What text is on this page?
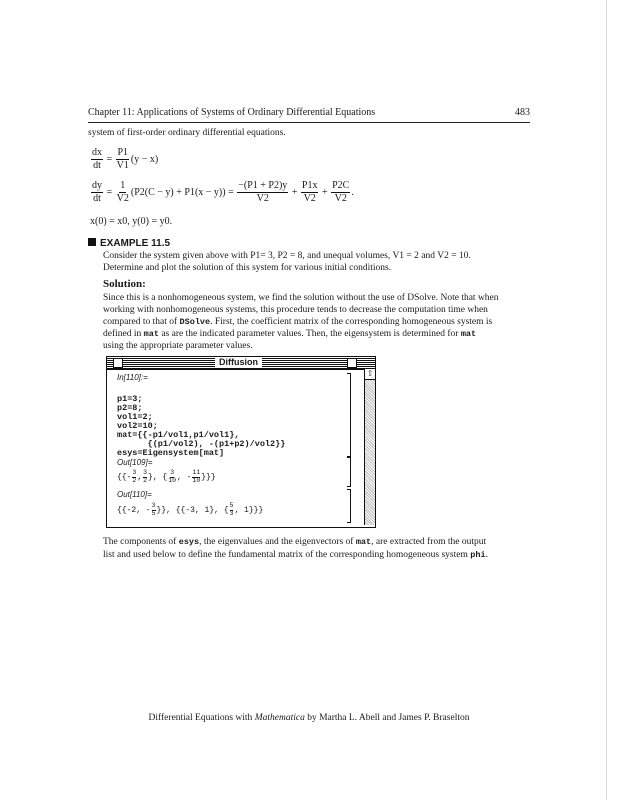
Chapter 11: Applications of Systems of Ordinary Differential Equations	483
system of first-order ordinary differential equations.
$\frac{dx}{dt} = \frac{P1}{V1} (y - x)$
$\frac{dy}{dt} = \frac{1}{V2} (P2(C - y) + P1(x - y))$ =
$\frac{-(P1 + P2)y}{V2} + \frac{P1x}{V2} + \frac{P2C}{V2}$ .
x(0) = x0, y(0) = y0.
EXAMPLE 11.5
Consider the system given above with P1= 3, P2 = 8, and unequal volumes, V1 = 2 and V2 = 10.
Determine and plot the solution of this system for various initial conditions.
Solution:
Since this is a nonhomogeneous system, we find the solution without the use of DSolve. Note that when
working with nonhomogeneous systems, this procedure tends to decrease the computation time when
compared to that of DSolve. First, the coefficient matrix of the corresponding homogeneous system is
defined in mat as are the indicated parameter values. Then, the eigensystem is determined for mat
using the appropriate parameter values.
Diffusion
In[110]:=
p1=3;
p2=8;
vol1=2;
vol2=10;
mat={{-p1/vol1,p1/vol1},
{(p1/vol2), -(p1+p2)/vol2}}
esys=Eigensystem[mat]
Out[109]=
{{- $\frac{3}{2}$ , $\frac{3}{2}$ }, { $\frac{3}{10}$ , - $\frac{11}{10}$ }}}
Out[110]=
{{-2, - $\frac{3}{5}$ }}, {{-3, 1}, { $\frac{5}{3}$ , 1}}}
⇧
The components of esys, the eigenvalues and the eigenvectors of mat, are extracted from the output
list and used below to define the fundamental matrix of the corresponding homogeneous system phi.
Differential Equations with Mathematica by Martha L. Abell and James P. Braselton
